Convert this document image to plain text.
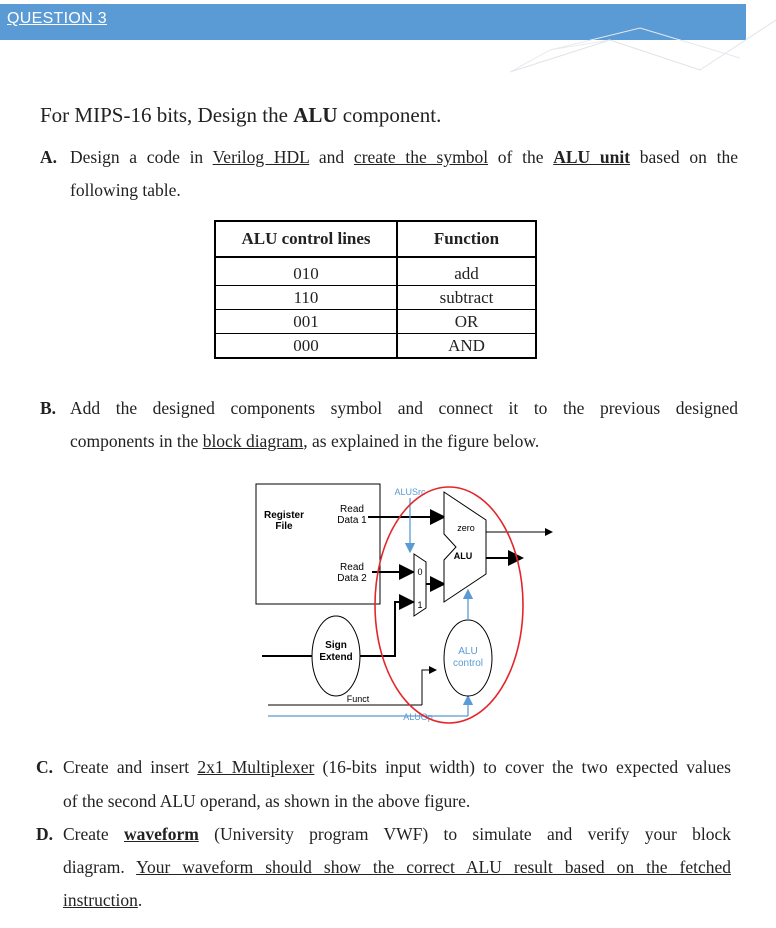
QUESTION 3
For MIPS-16 bits, Design the ALU component.
A. Design a code in Verilog HDL and create the symbol of the ALU unit based on the
following table.
ALU control lines	Function
010	add
110	subtract
001	OR
000	AND
B. Add the designed components symbol and connect it to the previous designed
components in the block diagram, as explained in the figure below.
Register
File
Read
Data 1
Read
Data 2
ALUSrc
0
1
zero
ALU
Sign
Extend
Funct
ALUOp
ALU
control
C. Create and insert 2x1 Multiplexer (16-bits input width) to cover the two expected values
of the second ALU operand, as shown in the above figure.
D. Create waveform (University program VWF) to simulate and verify your block
diagram. Your waveform should show the correct ALU result based on the fetched
instruction.
